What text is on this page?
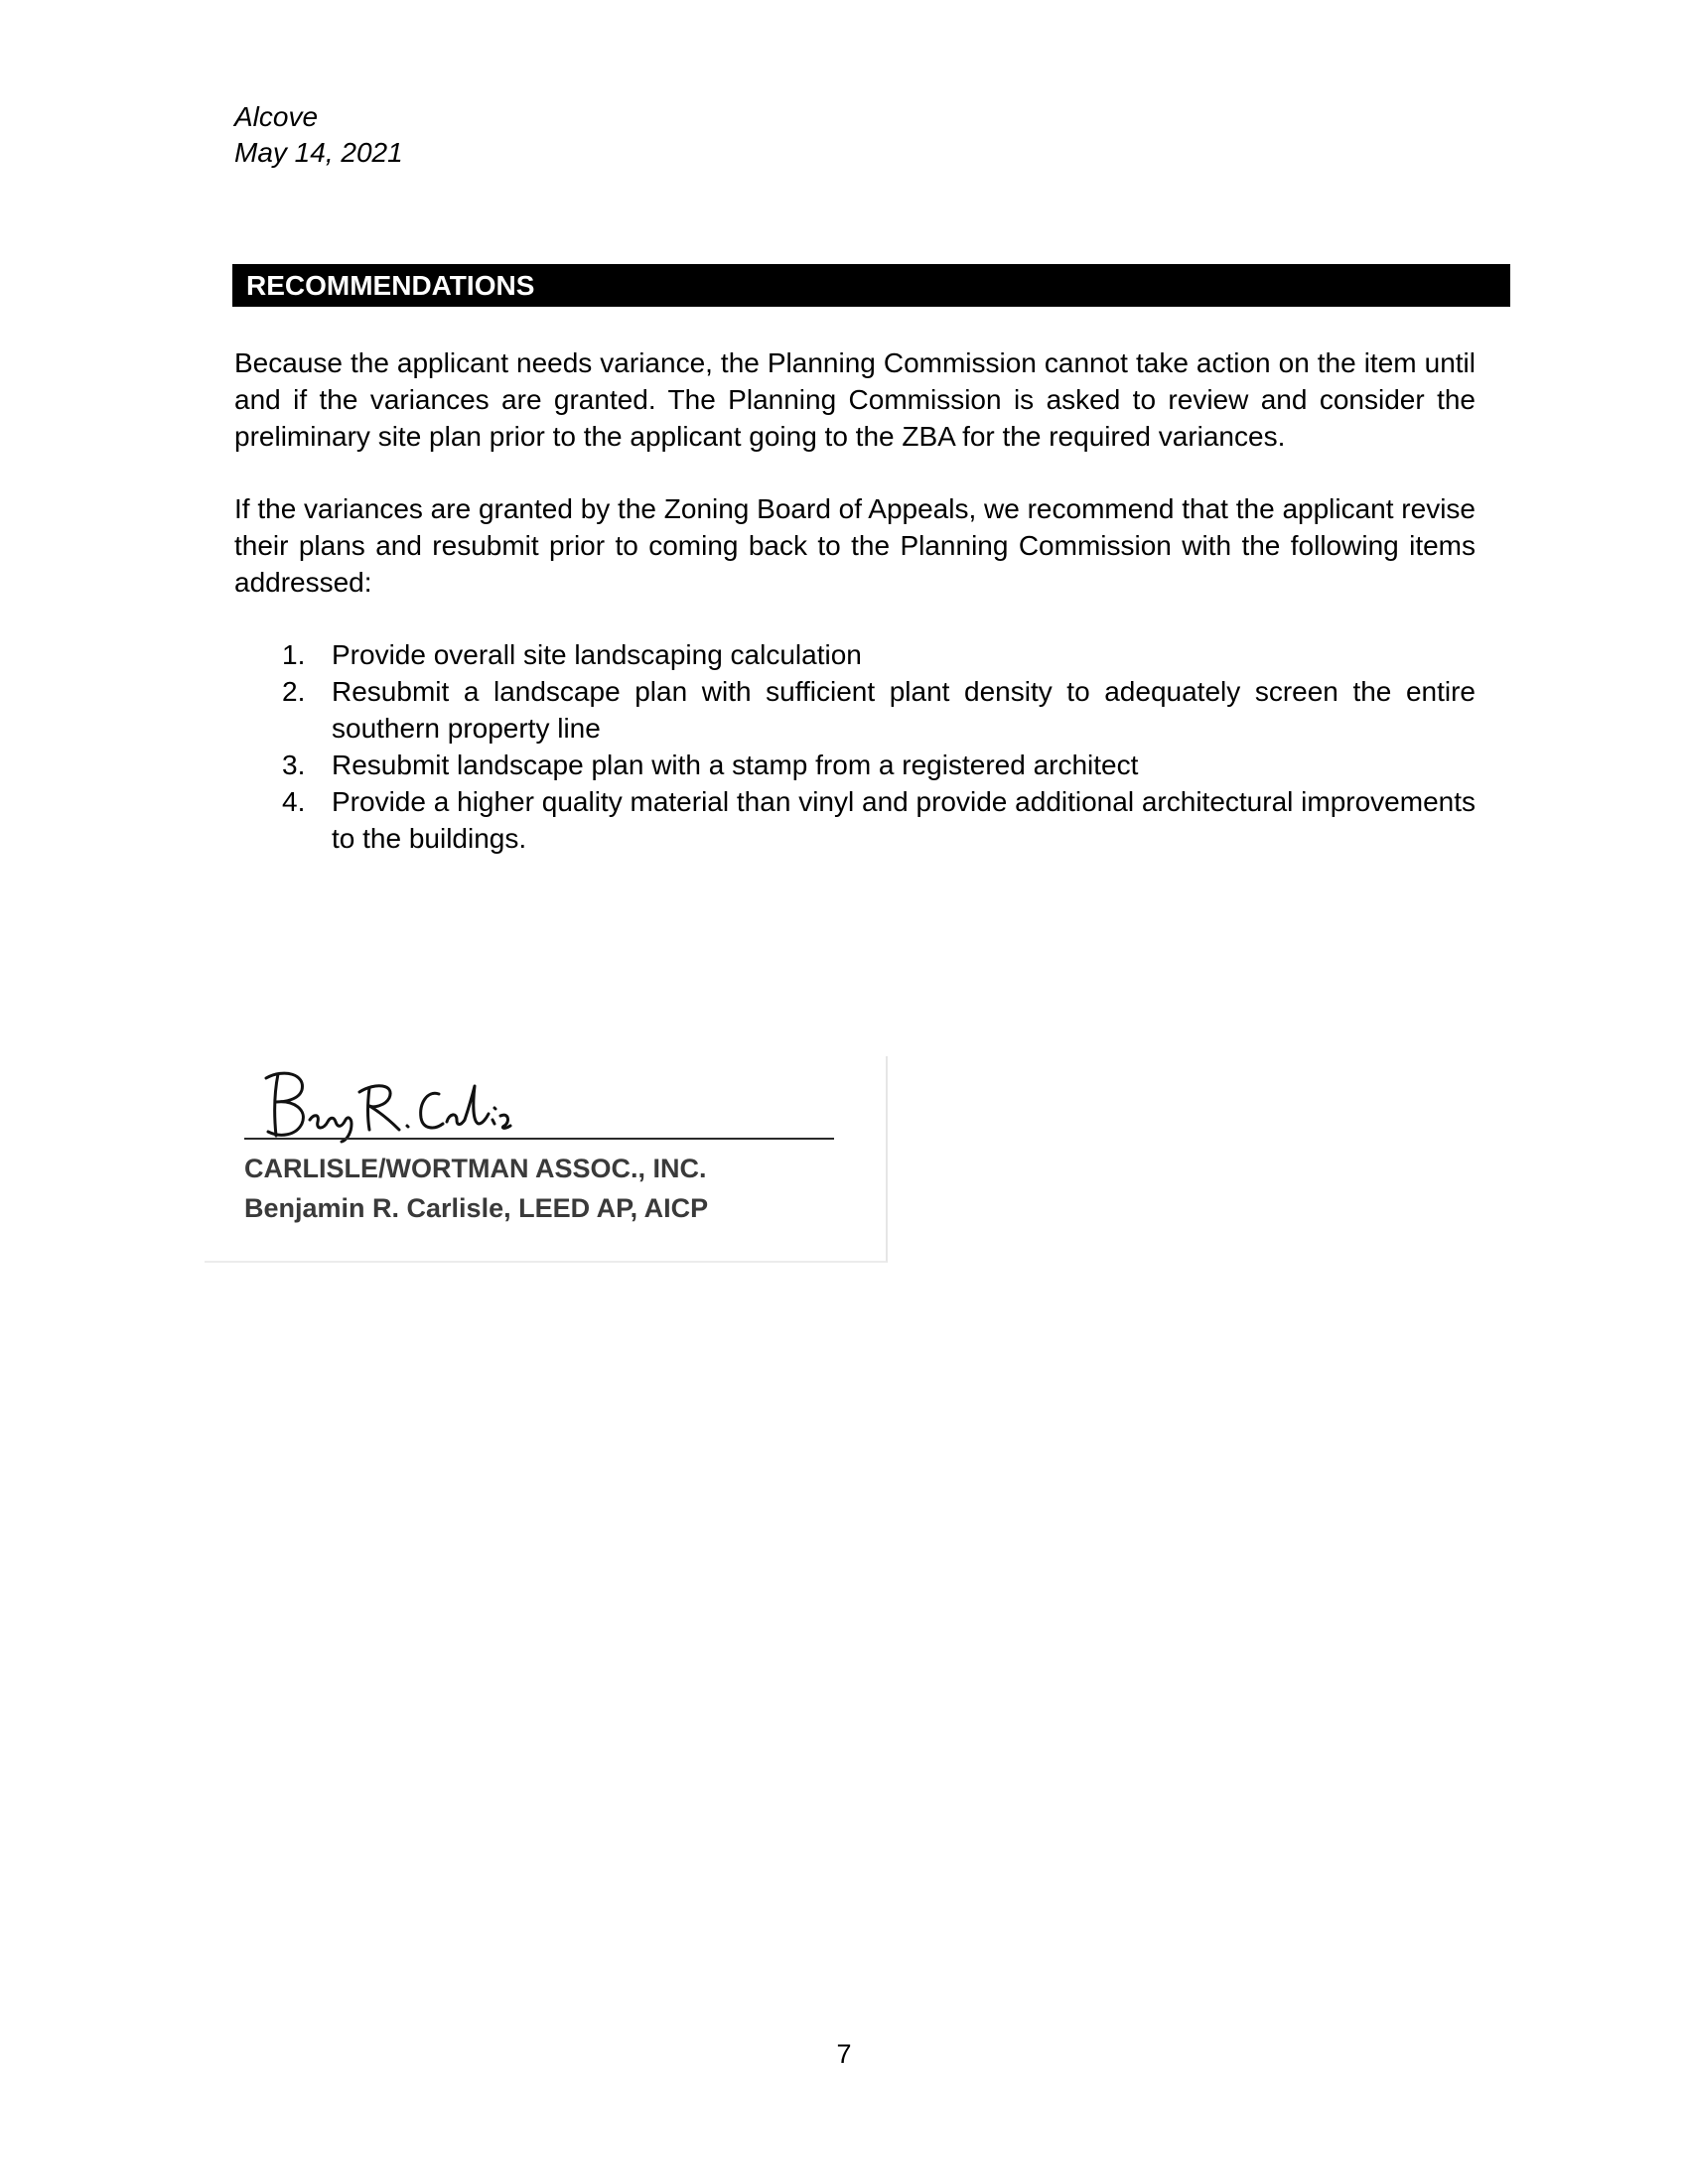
Alcove
May 14, 2021
RECOMMENDATIONS

Because the applicant needs variance, the Planning Commission cannot take action on the item until and if the variances are granted. The Planning Commission is asked to review and consider the preliminary site plan prior to the applicant going to the ZBA for the required variances.

If the variances are granted by the Zoning Board of Appeals, we recommend that the applicant revise their plans and resubmit prior to coming back to the Planning Commission with the following items addressed:

1. Provide overall site landscaping calculation
2. Resubmit a landscape plan with sufficient plant density to adequately screen the entire southern property line
3. Resubmit landscape plan with a stamp from a registered architect
4. Provide a higher quality material than vinyl and provide additional architectural improvements to the buildings.
CARLISLE/WORTMAN ASSOC., INC.
Benjamin R. Carlisle, LEED AP, AICP
7
